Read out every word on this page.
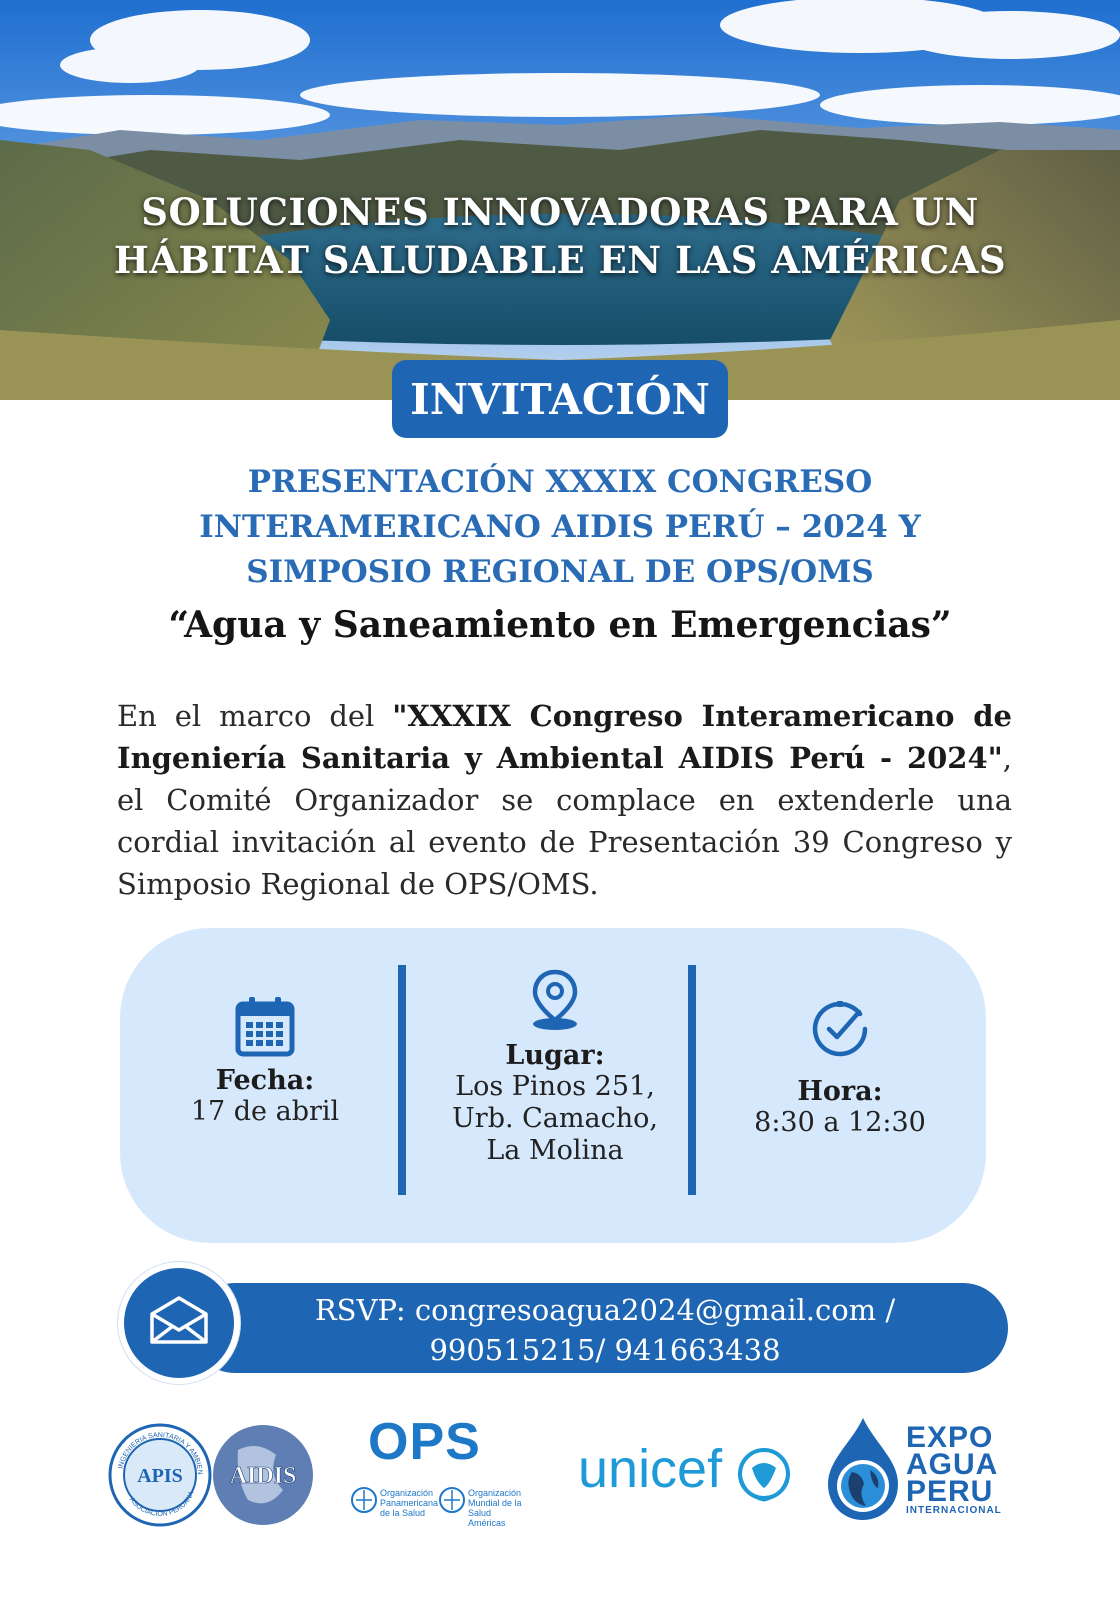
SOLUCIONES INNOVADORAS PARA UN
HÁBITAT SALUDABLE EN LAS AMÉRICAS
INVITACIÓN
PRESENTACIÓN XXXIX CONGRESO
INTERAMERICANO AIDIS PERÚ – 2024 Y
SIMPOSIO REGIONAL DE OPS/OMS
“Agua y Saneamiento en Emergencias”

En el marco del "XXXIX Congreso Interamericano de Ingeniería Sanitaria y Ambiental AIDIS Perú - 2024", el Comité Organizador se complace en extenderle una cordial invitación al evento de Presentación 39 Congreso y Simposio Regional de OPS/OMS.

Fecha:
17 de abril
Lugar:
Los Pinos 251,
Urb. Camacho,
La Molina
Hora:
8:30 a 12:30
RSVP: congresoagua2024@gmail.com /
990515215/ 941663438
INGENIERIA SANITARIA Y AMBIEN
ASOCIACION PERUANA
APIS AIDIS
OPS
Organización
Panamericana
de la Salud
Organización
Mundial de la Salud
Américas
unicef
EXPO
AGUA
PERU
INTERNACIONAL
